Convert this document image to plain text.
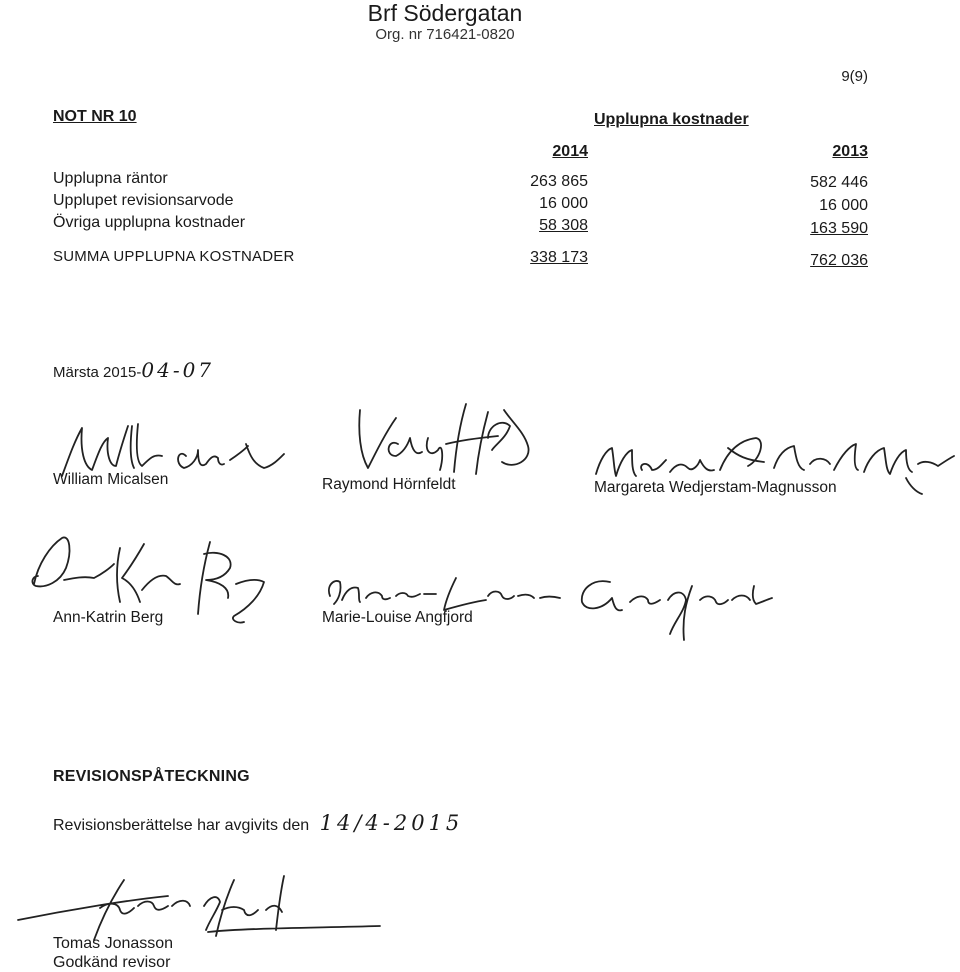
Brf Södergatan
Org. nr 716421-0820
9(9)
NOT NR 10	Upplupna kostnader
2014	2013
Upplupna räntor	263 865	582 446
Upplupet revisionsarvode	16 000	16 000
Övriga upplupna kostnader	58 308	163 590
SUMMA UPPLUPNA KOSTNADER	338 173	762 036
Märsta 2015-04-07
William Micalsen	Raymond Hörnfeldt	Margareta Wedjerstam-Magnusson
Ann-Katrin Berg	Marie-Louise Angfjord
REVISIONSPÅTECKNING
Revisionsberättelse har avgivits den 14/4-2015
Tomas Jonasson
Godkänd revisor
